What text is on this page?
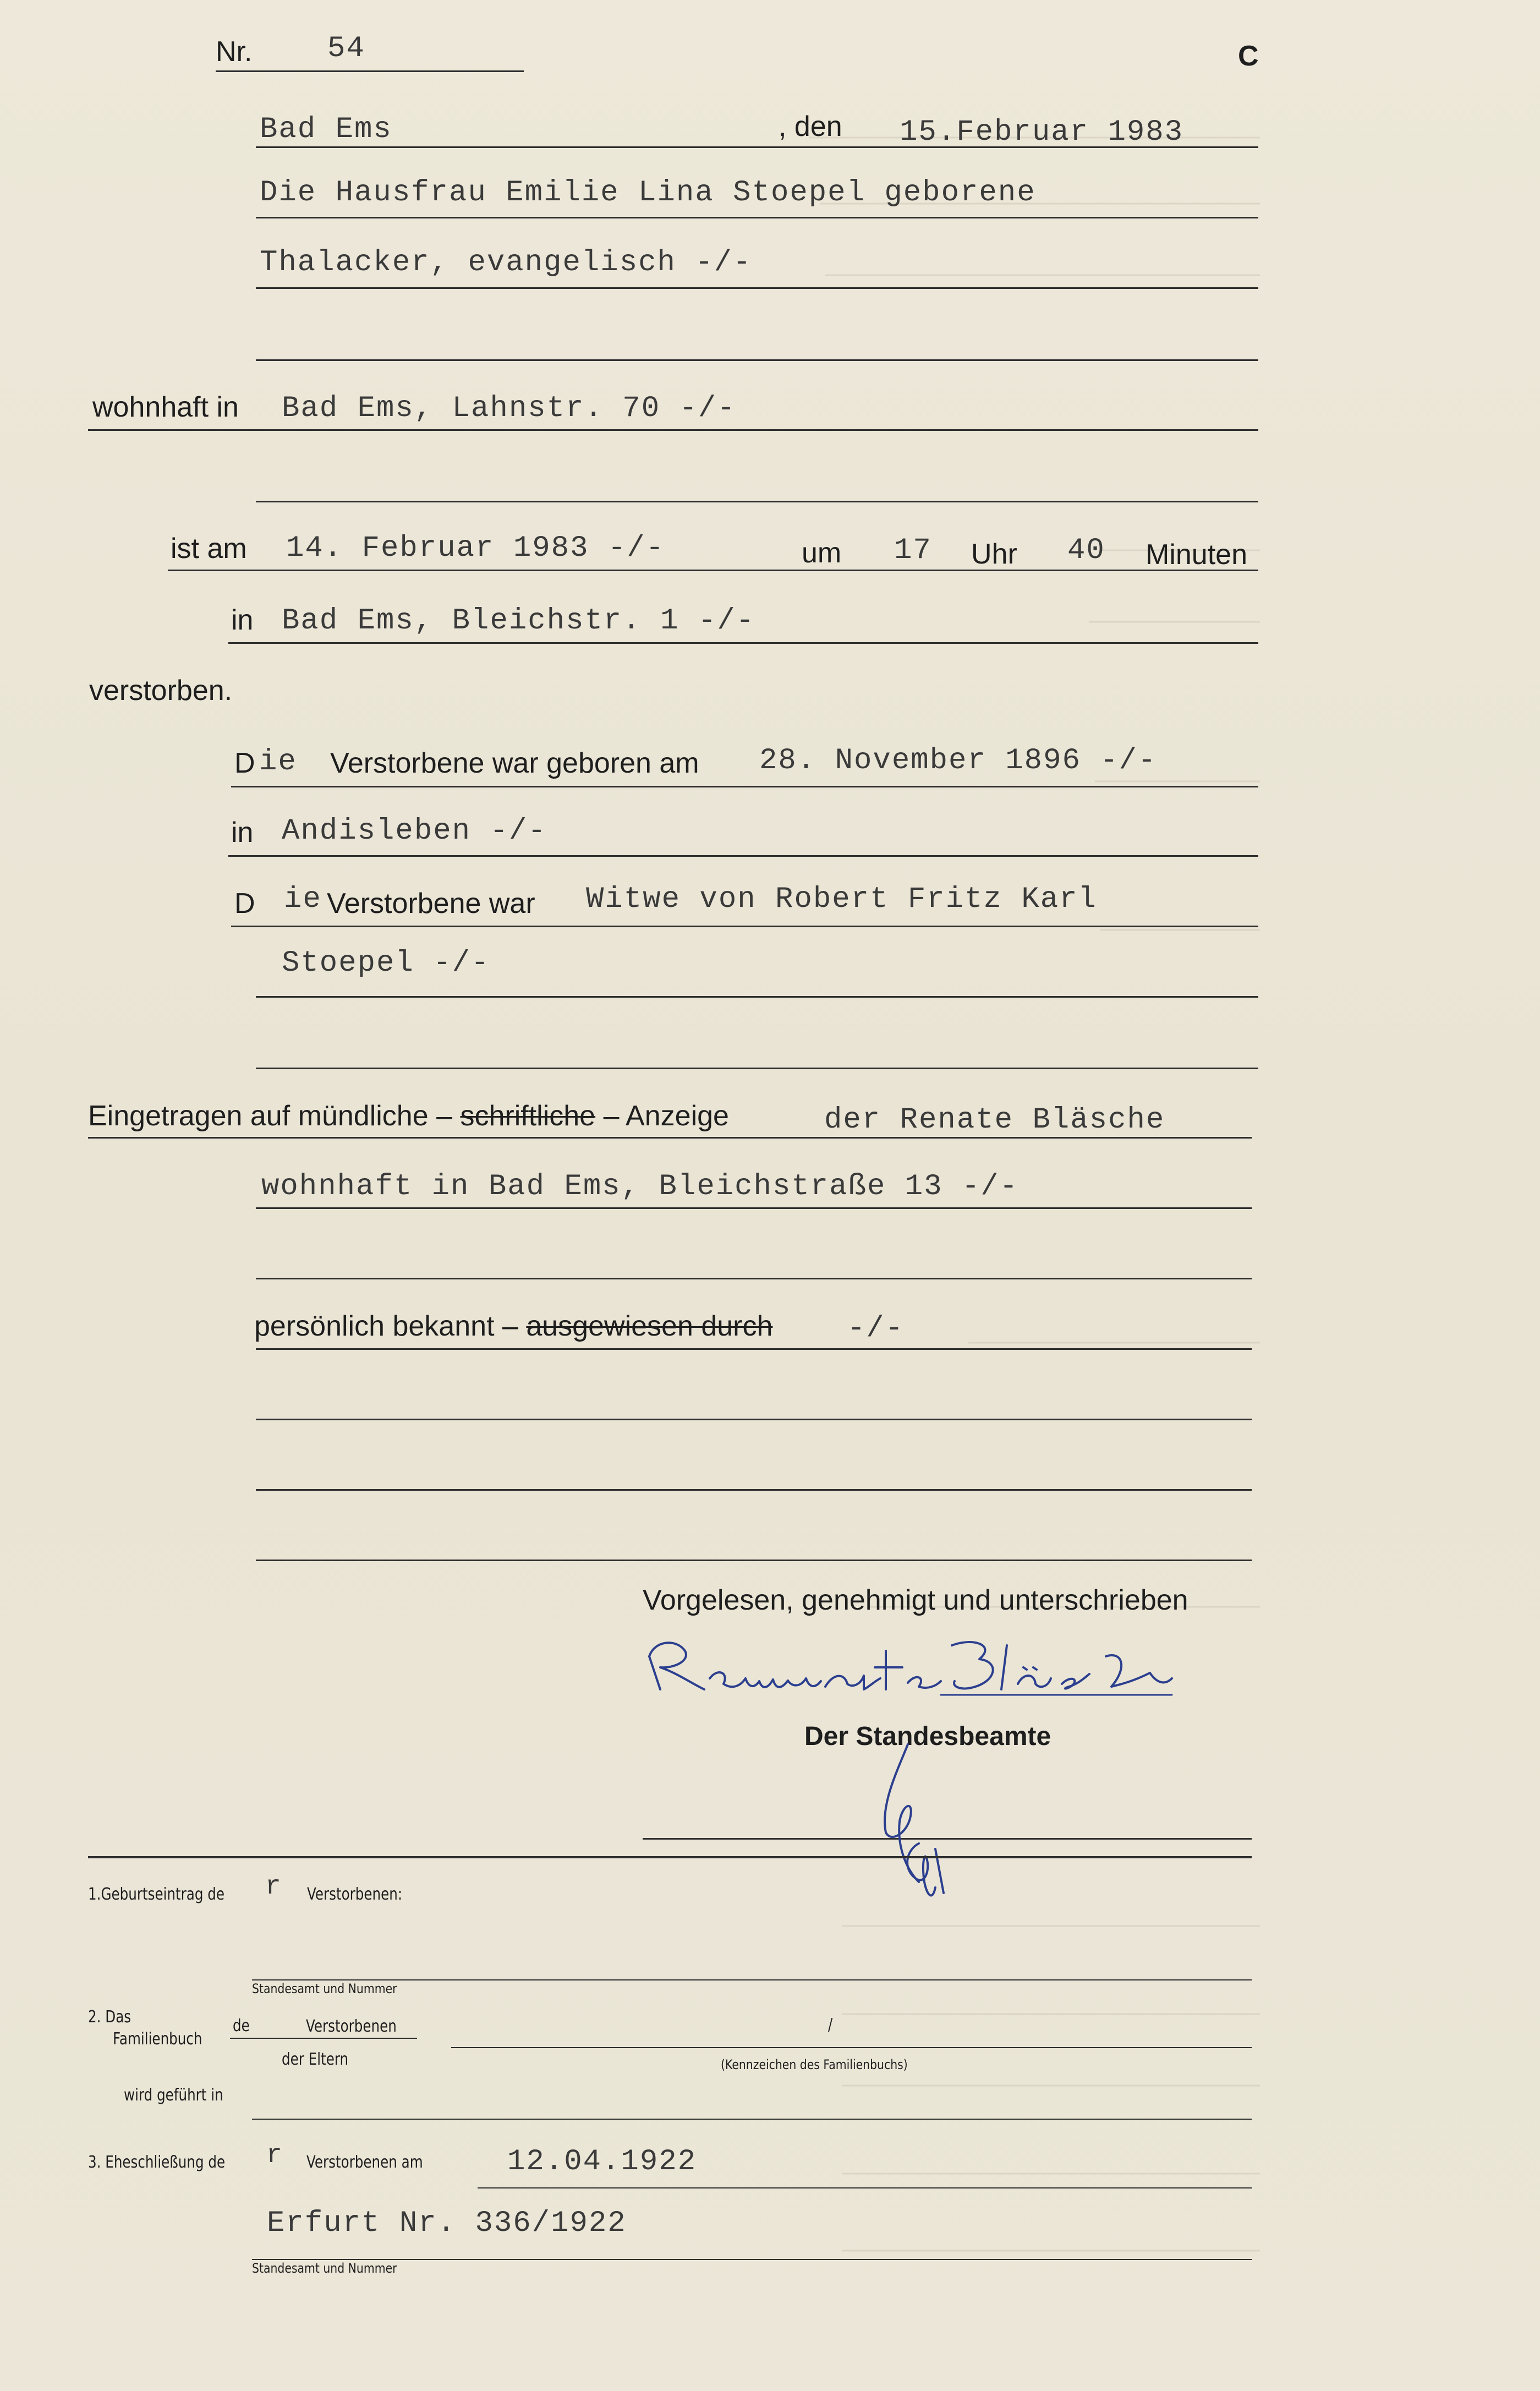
Nr.	54	C
Bad Ems	, den 15.Februar 1983
Die Hausfrau Emilie Lina Stoepel geborene
Thalacker, evangelisch -/-
wohnhaft in Bad Ems, Lahnstr. 70 -/-
ist am 14. Februar 1983 -/-	um 17 Uhr 40 Minuten
in Bad Ems, Bleichstr. 1 -/-
verstorben.
D ie Verstorbene war geboren am 28. November 1896 -/-
in Andisleben -/-
D ie Verstorbene war Witwe von Robert Fritz Karl
Stoepel -/-
Eingetragen auf mündliche – schriftliche – Anzeige	der Renate Bläsche
wohnhaft in Bad Ems, Bleichstraße 13 -/-
persönlich bekannt – ausgewiesen durch	-/-
Vorgelesen, genehmigt und unterschrieben
Der Standesbeamte
1.Geburtseintrag de r Verstorbenen:
Standesamt und Nummer
2. Das
Familienbuch
de	Verstorbenen	/
der Eltern	(Kennzeichen des Familienbuchs)
wird geführt in
3. Eheschließung de r Verstorbenen am	12.04.1922
Erfurt Nr. 336/1922
Standesamt und Nummer
